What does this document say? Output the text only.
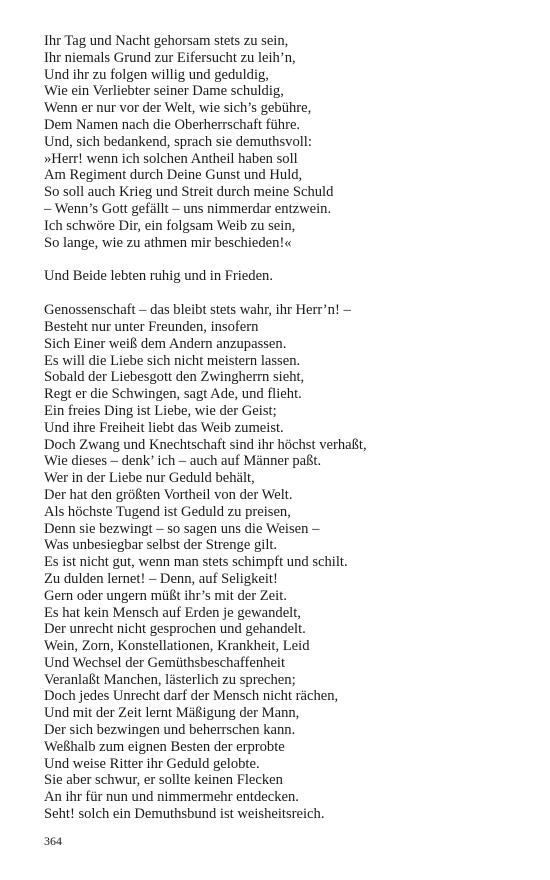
Ihr Tag und Nacht gehorsam stets zu sein,
Ihr niemals Grund zur Eifersucht zu leih’n,
Und ihr zu folgen willig und geduldig,
Wie ein Verliebter seiner Dame schuldig,
Wenn er nur vor der Welt, wie sich’s gebühre,
Dem Namen nach die Oberherrschaft führe.
Und, sich bedankend, sprach sie demuthsvoll:
»Herr! wenn ich solchen Antheil haben soll
Am Regiment durch Deine Gunst und Huld,
So soll auch Krieg und Streit durch meine Schuld
– Wenn’s Gott gefällt – uns nimmerdar entzwein.
Ich schwöre Dir, ein folgsam Weib zu sein,
So lange, wie zu athmen mir beschieden!«
Und Beide lebten ruhig und in Frieden.
Genossenschaft – das bleibt stets wahr, ihr Herr’n! –
Besteht nur unter Freunden, insofern
Sich Einer weiß dem Andern anzupassen.
Es will die Liebe sich nicht meistern lassen.
Sobald der Liebesgott den Zwingherrn sieht,
Regt er die Schwingen, sagt Ade, und flieht.
Ein freies Ding ist Liebe, wie der Geist;
Und ihre Freiheit liebt das Weib zumeist.
Doch Zwang und Knechtschaft sind ihr höchst verhaßt,
Wie dieses – denk’ ich – auch auf Männer paßt.
Wer in der Liebe nur Geduld behält,
Der hat den größten Vortheil von der Welt.
Als höchste Tugend ist Geduld zu preisen,
Denn sie bezwingt – so sagen uns die Weisen –
Was unbesiegbar selbst der Strenge gilt.
Es ist nicht gut, wenn man stets schimpft und schilt.
Zu dulden lernet! – Denn, auf Seligkeit!
Gern oder ungern müßt ihr’s mit der Zeit.
Es hat kein Mensch auf Erden je gewandelt,
Der unrecht nicht gesprochen und gehandelt.
Wein, Zorn, Konstellationen, Krankheit, Leid
Und Wechsel der Gemüthsbeschaffenheit
Veranlaßt Manchen, lästerlich zu sprechen;
Doch jedes Unrecht darf der Mensch nicht rächen,
Und mit der Zeit lernt Mäßigung der Mann,
Der sich bezwingen und beherrschen kann.
Weßhalb zum eignen Besten der erprobte
Und weise Ritter ihr Geduld gelobte.
Sie aber schwur, er sollte keinen Flecken
An ihr für nun und nimmermehr entdecken.
Seht! solch ein Demuthsbund ist weisheitsreich.
364
